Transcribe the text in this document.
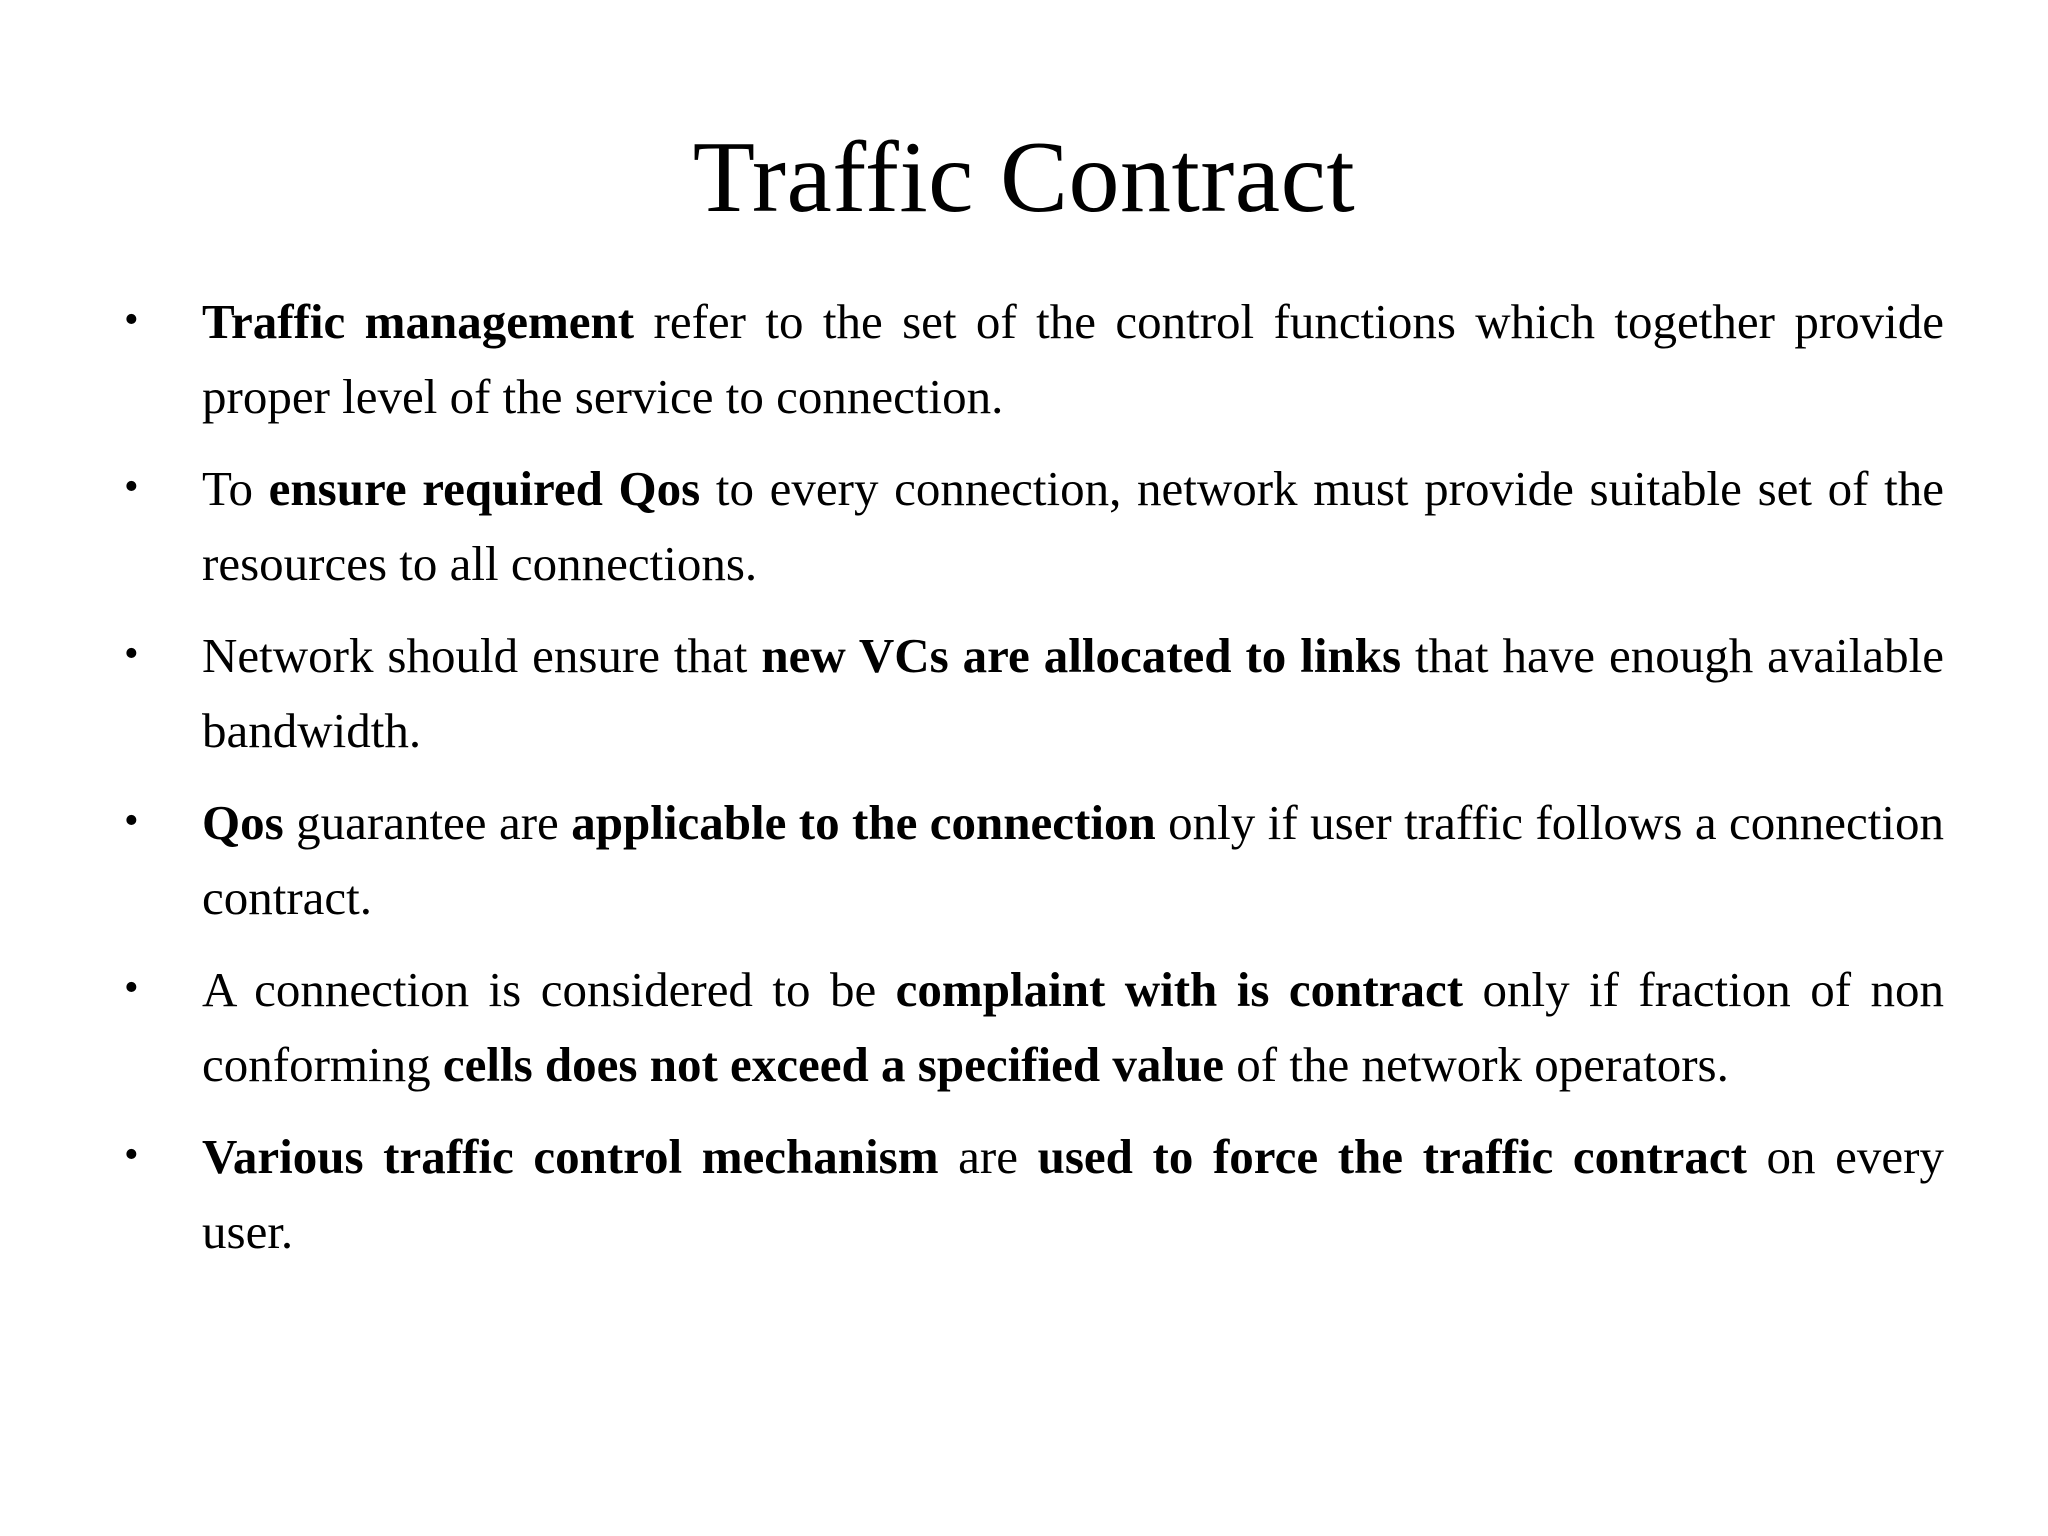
Traffic Contract
• Traffic management refer to the set of the control functions which together provide proper level of the service to connection.
• To ensure required Qos to every connection, network must provide suitable set of the resources to all connections.
• Network should ensure that new VCs are allocated to links that have enough available bandwidth.
• Qos guarantee are applicable to the connection only if user traffic follows a connection contract.
• A connection is considered to be complaint with is contract only if fraction of non conforming cells does not exceed a specified value of the network operators.
• Various traffic control mechanism are used to force the traffic contract on every user.
